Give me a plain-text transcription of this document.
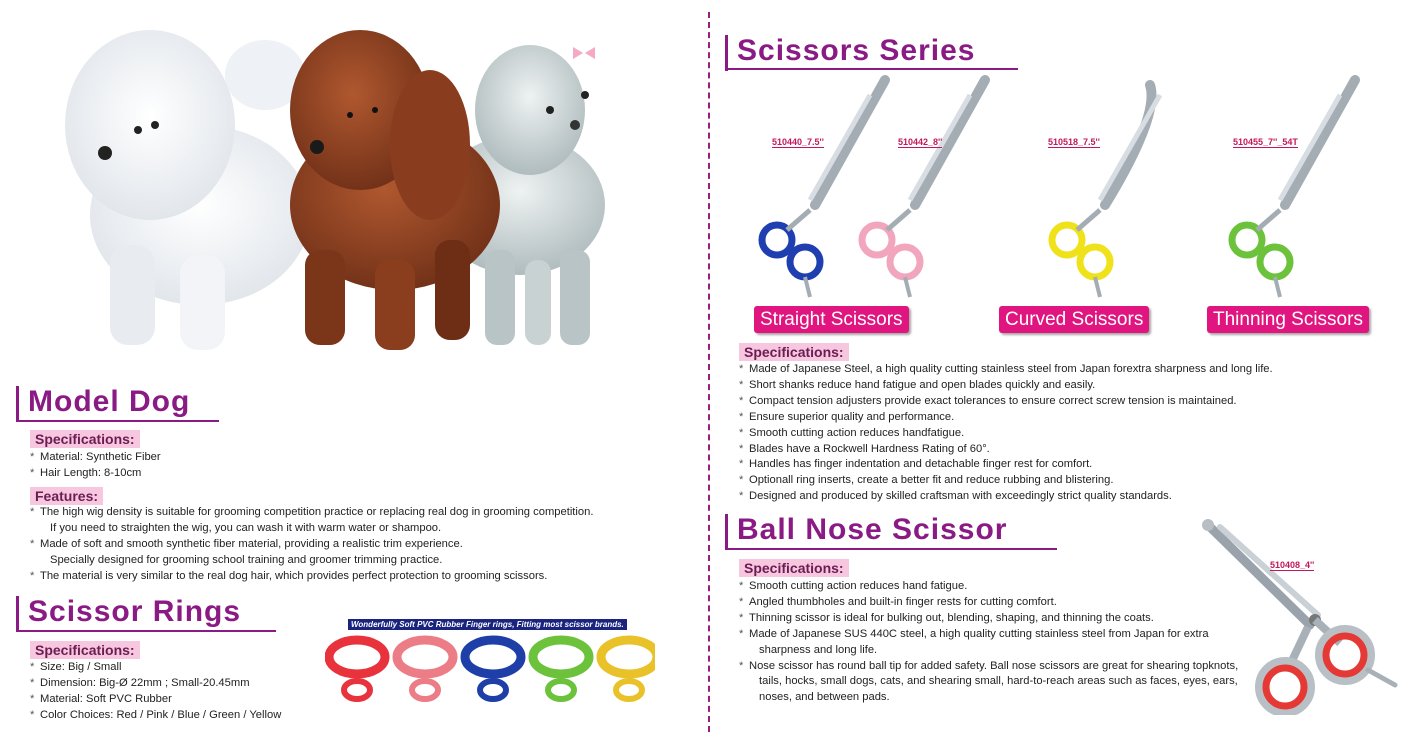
Model Dog
Specifications:
* Material: Synthetic Fiber
* Hair Length: 8-10cm
Features:
* The high wig density is suitable for grooming competition practice or replacing real dog in grooming competition.
If you need to straighten the wig, you can wash it with warm water or shampoo.
* Made of soft and smooth synthetic fiber material, providing a realistic trim experience.
Specially designed for grooming school training and groomer trimming practice.
* The material is very similar to the real dog hair, which provides perfect protection to grooming scissors.
Scissor Rings
Specifications:
* Size: Big / Small
* Dimension: Big-Ø 22mm ; Small-20.45mm
* Material: Soft PVC Rubber
* Color Choices: Red / Pink / Blue / Green / Yellow
Wonderfully Soft PVC Rubber Finger rings, Fitting most scissor brands.
Scissors Series
510440_7.5''	510442_8''	510518_7.5''	510455_7''_54T
Straight Scissors	Curved Scissors	Thinning Scissors
Specifications:
* Made of Japanese Steel, a high quality cutting stainless steel from Japan forextra sharpness and long life.
* Short shanks reduce hand fatigue and open blades quickly and easily.
* Compact tension adjusters provide exact tolerances to ensure correct screw tension is maintained.
* Ensure superior quality and performance.
* Smooth cutting action reduces handfatigue.
* Blades have a Rockwell Hardness Rating of 60°.
* Handles has finger indentation and detachable finger rest for comfort.
* Optionall ring inserts, create a better fit and reduce rubbing and blistering.
* Designed and produced by skilled craftsman with exceedingly strict quality standards.
Ball Nose Scissor
Specifications:
* Smooth cutting action reduces hand fatigue.
* Angled thumbholes and built-in finger rests for cutting comfort.
* Thinning scissor is ideal for bulking out, blending, shaping, and thinning the coats.
* Made of Japanese SUS 440C steel, a high quality cutting stainless steel from Japan for extra
sharpness and long life.
* Nose scissor has round ball tip for added safety. Ball nose scissors are great for shearing topknots,
tails, hocks, small dogs, cats, and shearing small, hard-to-reach areas such as faces, eyes, ears,
noses, and between pads.
510408_4''
